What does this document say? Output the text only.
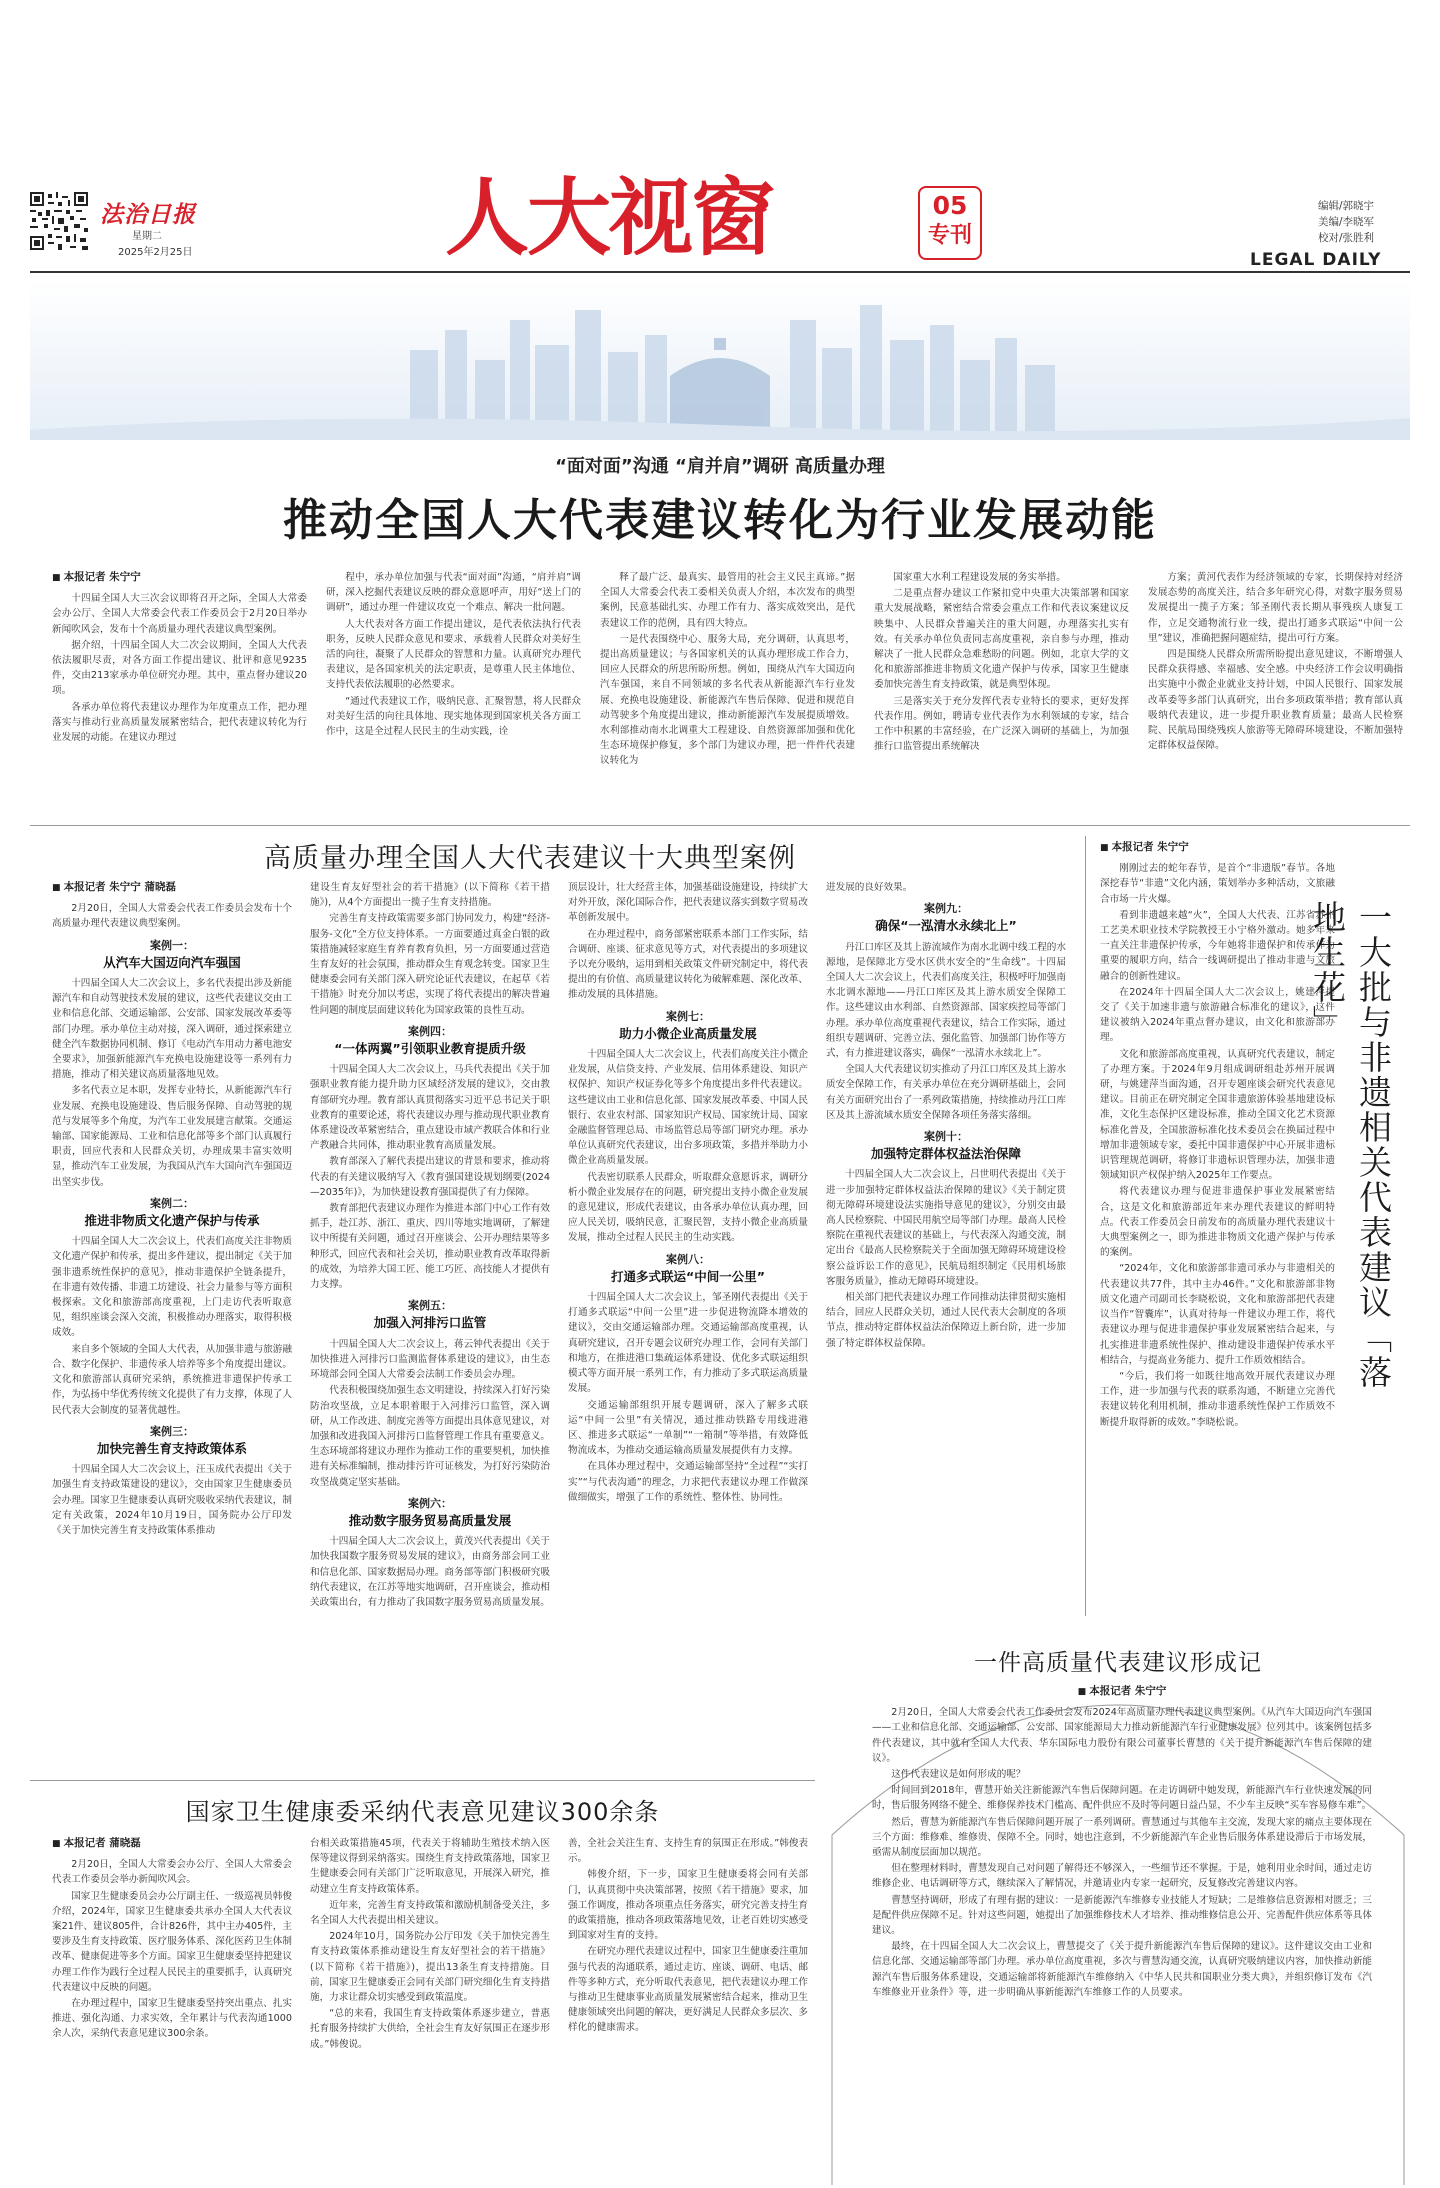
法治日报
星期二
2025年2月25日	人大视窗	05
专刊
编辑/郭晓宇
美编/李晓军
校对/张胜利
LEGAL DAILY
“面对面”沟通 “肩并肩”调研 高质量办理
推动全国人大代表建议转化为行业发展动能
■ 本报记者 朱宁宁

十四届全国人大三次会议即将召开之际，全国人大常委会办公厅、全国人大常委会代表工作委员会于2月20日举办新闻吹风会，发布十个高质量办理代表建议典型案例。

据介绍，十四届全国人大二次会议期间，全国人大代表依法履职尽责，对各方面工作提出建议、批评和意见9235件，交由213家承办单位研究办理。其中，重点督办建议20项。

各承办单位将代表建议办理作为年度重点工作，把办理落实与推动行业高质量发展紧密结合，把代表建议转化为行业发展的动能。在建议办理过

程中，承办单位加强与代表“面对面”沟通，“肩并肩”调研，深入挖掘代表建议反映的群众意愿呼声，用好“送上门的调研”，通过办理一件建议攻克一个难点、解决一批问题。

人大代表对各方面工作提出建议，是代表依法执行代表职务，反映人民群众意见和要求、承载着人民群众对美好生活的向往，凝聚了人民群众的智慧和力量。认真研究办理代表建议，是各国家机关的法定职责，是尊重人民主体地位、支持代表依法履职的必然要求。

“通过代表建议工作，吸纳民意、汇聚智慧，将人民群众对美好生活的向往具体地、现实地体现到国家机关各方面工作中，这是全过程人民民主的生动实践，诠

释了最广泛、最真实、最管用的社会主义民主真谛。”据全国人大常委会代表工委相关负责人介绍，本次发布的典型案例，民意基础扎实、办理工作有力、落实成效突出，是代表建议工作的范例，具有四大特点。

一是代表围绕中心、服务大局，充分调研，认真思考，提出高质量建议；与各国家机关的认真办理形成工作合力，回应人民群众的所思所盼所想。例如，围绕从汽车大国迈向汽车强国，来自不同领域的多名代表从新能源汽车行业发展、充换电设施建设、新能源汽车售后保障、促进和规范自动驾驶多个角度提出建议，推动新能源汽车发展提质增效。水利部推动南水北调重大工程建设、自然资源部加强和优化生态环境保护修复，多个部门为建议办理，把一件件代表建议转化为

国家重大水利工程建设发展的务实举措。

二是重点督办建议工作紧扣党中央重大决策部署和国家重大发展战略，紧密结合常委会重点工作和代表议案建议反映集中、人民群众普遍关注的重大问题，办理落实扎实有效。有关承办单位负责同志高度重视，亲自参与办理，推动解决了一批人民群众急难愁盼的问题。例如，北京大学的文化和旅游部推进非物质文化遗产保护与传承，国家卫生健康委加快完善生育支持政策，就是典型体现。

三是落实关于充分发挥代表专业特长的要求，更好发挥代表作用。例如，聘请专业代表作为水利领域的专家，结合工作中积累的丰富经验，在广泛深入调研的基础上，为加强推行口监管提出系统解决

方案；黄河代表作为经济领域的专家，长期保持对经济发展态势的高度关注，结合多年研究心得，对数字服务贸易发展提出一揽子方案；邹圣刚代表长期从事残疾人康复工作，立足交通物流行业一线，提出打通多式联运“中间一公里”建议，准确把握问题症结，提出可行方案。

四是围绕人民群众所需所盼提出意见建议，不断增强人民群众获得感、幸福感、安全感。中央经济工作会议明确指出实施中小微企业就业支持计划，中国人民银行、国家发展改革委等多部门认真研究，出台多项政策举措；教育部认真吸纳代表建议，进一步提升职业教育质量；最高人民检察院、民航局围绕残疾人旅游等无障碍环境建设，不断加强特定群体权益保障。

高质量办理全国人大代表建议十大典型案例
■ 本报记者 朱宁宁 蒲晓磊

2月20日，全国人大常委会代表工作委员会发布十个高质量办理代表建议典型案例。

案例一：
从汽车大国迈向汽车强国

十四届全国人大二次会议上，多名代表提出涉及新能源汽车和自动驾驶技术发展的建议，这些代表建议交由工业和信息化部、交通运输部、公安部、国家发展改革委等部门办理。承办单位主动对接，深入调研，通过探索建立健全汽车数据协同机制、修订《电动汽车用动力蓄电池安全要求》，加强新能源汽车充换电设施建设等一系列有力措施，推动了相关建议高质量落地见效。

多名代表立足本职，发挥专业特长，从新能源汽车行业发展、充换电设施建设、售后服务保障、自动驾驶的规范与发展等多个角度，为汽车工业发展建言献策。交通运输部、国家能源局、工业和信息化部等多个部门认真履行职责，回应代表和人民群众关切，办理成果丰富实效明显，推动汽车工业发展，为我国从汽车大国向汽车强国迈出坚实步伐。

案例二：
推进非物质文化遗产保护与传承

十四届全国人大二次会议上，代表们高度关注非物质文化遗产保护和传承，提出多件建议，提出制定《关于加强非遗系统性保护的意见》，推动非遗保护全链条提升，在非遗有效传播、非遗工坊建设、社会力量参与等方面积极探索。文化和旅游部高度重视，上门走访代表听取意见，组织座谈会深入交流，积极推动办理落实，取得积极成效。

来自多个领域的全国人大代表，从加强非遗与旅游融合、数字化保护、非遗传承人培养等多个角度提出建议。文化和旅游部认真研究采纳，系统推进非遗保护传承工作，为弘扬中华优秀传统文化提供了有力支撑，体现了人民代表大会制度的显著优越性。

案例三：
加快完善生育支持政策体系

十四届全国人大二次会议上，汪玉成代表提出《关于加强生育支持政策建设的建议》，交由国家卫生健康委员会办理。国家卫生健康委认真研究吸收采纳代表建议，制定有关政策，2024年10月19日，国务院办公厅印发《关于加快完善生育支持政策体系推动

建设生育友好型社会的若干措施》(以下简称《若干措施》)，从4个方面提出一揽子生育支持措施。

完善生育支持政策需要多部门协同发力，构建“经济-服务-文化”全方位支持体系。一方面要通过真金白银的政策措施减轻家庭生育养育教育负担，另一方面要通过营造生育友好的社会氛围，推动群众生育观念转变。国家卫生健康委会同有关部门深入研究论证代表建议，在起草《若干措施》时充分加以考虑，实现了将代表提出的解决普遍性问题的制度层面建议转化为国家政策的良性互动。

案例四：
“一体两翼”引领职业教育提质升级

十四届全国人大二次会议上，马兵代表提出《关于加强职业教育能力提升助力区域经济发展的建议》，交由教育部研究办理。教育部认真贯彻落实习近平总书记关于职业教育的重要论述，将代表建议办理与推动现代职业教育体系建设改革紧密结合，重点建设市域产教联合体和行业产教融合共同体，推动职业教育高质量发展。

教育部深入了解代表提出建议的背景和要求，推动将代表的有关建议吸纳写入《教育强国建设规划纲要(2024—2035年)》，为加快建设教育强国提供了有力保障。

教育部把代表建议办理作为推进本部门中心工作有效抓手，赴江苏、浙江、重庆、四川等地实地调研，了解建议中所提有关问题，通过召开座谈会、公开办理结果等多种形式，回应代表和社会关切，推动职业教育改革取得新的成效，为培养大国工匠、能工巧匠、高技能人才提供有力支撑。

案例五：
加强入河排污口监管

十四届全国人大二次会议上，蒋云钟代表提出《关于加快推进入河排污口监测监督体系建设的建议》，由生态环境部会同全国人大常委会法制工作委员会办理。

代表积极围绕加强生态文明建设，持续深入打好污染防治攻坚战，立足本职着眼于入河排污口监管，深入调研，从工作改进、制度完善等方面提出具体意见建议，对加强和改进我国入河排污口监督管理工作具有重要意义。生态环境部将建议办理作为推动工作的重要契机，加快推进有关标准编制，推动排污许可证核发，为打好污染防治攻坚战奠定坚实基础。

案例六：
推动数字服务贸易高质量发展

十四届全国人大二次会议上，黄茂兴代表提出《关于加快我国数字服务贸易发展的建议》，由商务部会同工业和信息化部、国家数据局办理。商务部等部门积极研究吸纳代表建议，在江苏等地实地调研，召开座谈会，推动相关政策出台，有力推动了我国数字服务贸易高质量发展。

顶层设计，壮大经营主体，加强基础设施建设，持续扩大对外开放，深化国际合作，把代表建议落实到数字贸易改革创新发展中。

在办理过程中，商务部紧密联系本部门工作实际，结合调研、座谈、征求意见等方式，对代表提出的多项建议予以充分吸纳，运用到相关政策文件研究制定中，将代表提出的有价值、高质量建议转化为破解难题、深化改革、推动发展的具体措施。

案例七：
助力小微企业高质量发展

十四届全国人大二次会议上，代表们高度关注小微企业发展，从信贷支持、产业发展、信用体系建设、知识产权保护、知识产权证券化等多个角度提出多件代表建议。这些建议由工业和信息化部、国家发展改革委、中国人民银行、农业农村部、国家知识产权局、国家统计局、国家金融监督管理总局、市场监管总局等部门研究办理。承办单位认真研究代表建议，出台多项政策，多措并举助力小微企业高质量发展。

代表密切联系人民群众，听取群众意愿诉求，调研分析小微企业发展存在的问题，研究提出支持小微企业发展的意见建议，形成代表建议，由各承办单位认真办理，回应人民关切，吸纳民意，汇聚民智，支持小微企业高质量发展，推动全过程人民民主的生动实践。

案例八：
打通多式联运“中间一公里”

十四届全国人大二次会议上，邹圣刚代表提出《关于打通多式联运“中间一公里”进一步促进物流降本增效的建议》，交由交通运输部办理。交通运输部高度重视，认真研究建议，召开专题会议研究办理工作，会同有关部门和地方，在推进港口集疏运体系建设、优化多式联运组织模式等方面开展一系列工作，有力推动了多式联运高质量发展。

交通运输部组织开展专题调研，深入了解多式联运“中间一公里”有关情况，通过推动铁路专用线进港区、推进多式联运“一单制”“一箱制”等举措，有效降低物流成本，为推动交通运输高质量发展提供有力支撑。

在具体办理过程中，交通运输部坚持“全过程”“实打实”“与代表沟通”的理念，力求把代表建议办理工作做深做细做实，增强了工作的系统性、整体性、协同性。

进发展的良好效果。

案例九：
确保“一泓清水永续北上”

丹江口库区及其上游流域作为南水北调中线工程的水源地，是保障北方受水区供水安全的“生命线”。十四届全国人大二次会议上，代表们高度关注，积极呼吁加强南水北调水源地——丹江口库区及其上游水质安全保障工作。这些建议由水利部、自然资源部、国家疾控局等部门办理。承办单位高度重视代表建议，结合工作实际，通过组织专题调研、完善立法、强化监管、加强部门协作等方式，有力推进建议落实，确保“一泓清水永续北上”。

全国人大代表建议切实推动了丹江口库区及其上游水质安全保障工作，有关承办单位在充分调研基础上，会同有关方面研究出台了一系列政策措施，持续推动丹江口库区及其上游流域水质安全保障各项任务落实落细。

案例十：
加强特定群体权益法治保障

十四届全国人大二次会议上，吕世明代表提出《关于进一步加强特定群体权益法治保障的建议》《关于制定贯彻无障碍环境建设法实施指导意见的建议》，分别交由最高人民检察院、中国民用航空局等部门办理。最高人民检察院在重视代表建议的基础上，与代表深入沟通交流，制定出台《最高人民检察院关于全面加强无障碍环境建设检察公益诉讼工作的意见》，民航局组织制定《民用机场旅客服务质量》，推动无障碍环境建设。

相关部门把代表建议办理工作同推动法律贯彻实施相结合，回应人民群众关切，通过人民代表大会制度的各项节点，推动特定群体权益法治保障迈上新台阶，进一步加强了特定群体权益保障。

■ 本报记者 朱宁宁

刚刚过去的蛇年春节，是首个“非遗版”春节。各地深挖春节“非遗”文化内涵，策划举办多种活动，文旅融合市场一片火爆。

看到非遗越来越“火”，全国人大代表、江苏省苏州工艺美术职业技术学院教授王小宁格外激动。她多年来一直关注非遗保护传承，今年她将非遗保护和传承作为重要的履职方向，结合一线调研提出了推动非遗与文旅融合的创新性建议。

在2024年十四届全国人大二次会议上，姚建萍提交了《关于加速非遗与旅游融合标准化的建议》，这件建议被纳入2024年重点督办建议，由文化和旅游部办理。

文化和旅游部高度重视，认真研究代表建议，制定了办理方案。于2024年9月组成调研组赴苏州开展调研，与姚建萍当面沟通，召开专题座谈会研究代表意见建议。目前正在研究制定全国非遗旅游体验基地建设标准，文化生态保护区建设标准，推动全国文化艺术资源标准化普及，全国旅游标准化技术委员会在换届过程中增加非遗领域专家，委托中国非遗保护中心开展非遗标识管理规范调研，将修订非遗标识管理办法，加强非遗领域知识产权保护纳入2025年工作要点。

将代表建议办理与促进非遗保护事业发展紧密结合，这是文化和旅游部近年来办理代表建议的鲜明特点。代表工作委员会日前发布的高质量办理代表建议十大典型案例之一，即为推进非物质文化遗产保护与传承的案例。

“2024年，文化和旅游部非遗司承办与非遗相关的代表建议共77件，其中主办46件。”文化和旅游部非物质文化遗产司副司长李晓松说，文化和旅游部把代表建议当作“智囊库”，认真对待每一件建议办理工作，将代表建议办理与促进非遗保护事业发展紧密结合起来，与扎实推进非遗系统性保护、推动建设非遗保护传承水平相结合，与提高业务能力、提升工作质效相结合。

“今后，我们将一如既往地高效开展代表建议办理工作，进一步加强与代表的联系沟通，不断建立完善代表建议转化利用机制，推动非遗系统性保护工作质效不断提升取得新的成效。”李晓松说。

一大批与非遗相关代表建议「落地生花」
一件高质量代表建议形成记
■ 本报记者 朱宁宁

2月20日，全国人大常委会代表工作委员会发布2024年高质量办理代表建议典型案例。《从汽车大国迈向汽车强国——工业和信息化部、交通运输部、公安部、国家能源局大力推动新能源汽车行业健康发展》位列其中。该案例包括多件代表建议，其中就有全国人大代表、华东国际电力股份有限公司董事长曹慧的《关于提升新能源汽车售后保障的建议》。

这件代表建议是如何形成的呢？

时间回到2018年，曹慧开始关注新能源汽车售后保障问题。在走访调研中她发现，新能源汽车行业快速发展的同时，售后服务网络不健全、维修保养技术门槛高、配件供应不及时等问题日益凸显，不少车主反映“买车容易修车难”。

然后，曹慧为新能源汽车售后保障问题开展了一系列调研。曹慧通过与其他车主交流，发现大家的痛点主要体现在三个方面：维修难、维修贵、保障不全。同时，她也注意到，不少新能源汽车企业售后服务体系建设滞后于市场发展，亟需从制度层面加以规范。

但在整理材料时，曹慧发现自己对问题了解得还不够深入，一些细节还不掌握。于是，她利用业余时间，通过走访维修企业、电话调研等方式，继续深入了解情况，并邀请业内专家一起研究，反复修改完善建议内容。

曹慧坚持调研，形成了有理有据的建议：一是新能源汽车维修专业技能人才短缺；二是维修信息资源相对匮乏；三是配件供应保障不足。针对这些问题，她提出了加强维修技术人才培养、推动维修信息公开、完善配件供应体系等具体建议。

最终，在十四届全国人大二次会议上，曹慧提交了《关于提升新能源汽车售后保障的建议》。这件建议交由工业和信息化部、交通运输部等部门办理。承办单位高度重视，多次与曹慧沟通交流，认真研究吸纳建议内容，加快推动新能源汽车售后服务体系建设，交通运输部将新能源汽车维修纳入《中华人民共和国职业分类大典》，并组织修订发布《汽车维修业开业条件》等，进一步明确从事新能源汽车维修工作的人员要求。

国家卫生健康委采纳代表意见建议300余条
■ 本报记者 蒲晓磊

2月20日，全国人大常委会办公厅、全国人大常委会代表工作委员会举办新闻吹风会。

国家卫生健康委员会办公厅副主任、一级巡视员韩俊介绍，2024年，国家卫生健康委共承办全国人大代表议案21件、建议805件，合计826件，其中主办405件，主要涉及生育支持政策、医疗服务体系、深化医药卫生体制改革、健康促进等多个方面。国家卫生健康委坚持把建议办理工作作为践行全过程人民民主的重要抓手，认真研究代表建议中反映的问题。

在办理过程中，国家卫生健康委坚持突出重点、扎实推进、强化沟通、力求实效，全年累计与代表沟通1000余人次，采纳代表意见建议300余条。

台相关政策措施45项，代表关于将辅助生殖技术纳入医保等建议得到采纳落实。围绕生育支持政策落地，国家卫生健康委会同有关部门广泛听取意见，开展深入研究，推动建立生育支持政策体系。

近年来，完善生育支持政策和激励机制备受关注，多名全国人大代表提出相关建议。

2024年10月，国务院办公厅印发《关于加快完善生育支持政策体系推动建设生育友好型社会的若干措施》(以下简称《若干措施》)，提出13条生育支持措施。目前，国家卫生健康委正会同有关部门研究细化生育支持措施，力求让群众切实感受到政策温度。

“总的来看，我国生育支持政策体系逐步建立，普惠托育服务持续扩大供给，全社会生育友好氛围正在逐步形成。”韩俊说。

善，全社会关注生育、支持生育的氛围正在形成。”韩俊表示。

韩俊介绍，下一步，国家卫生健康委将会同有关部门，认真贯彻中央决策部署，按照《若干措施》要求，加强工作调度，推动各项重点任务落实，研究完善支持生育的政策措施，推动各项政策落地见效，让老百姓切实感受到国家对生育的支持。

在研究办理代表建议过程中，国家卫生健康委注重加强与代表的沟通联系，通过走访、座谈、调研、电话、邮件等多种方式，充分听取代表意见，把代表建议办理工作与推动卫生健康事业高质量发展紧密结合起来，推动卫生健康领域突出问题的解决，更好满足人民群众多层次、多样化的健康需求。
